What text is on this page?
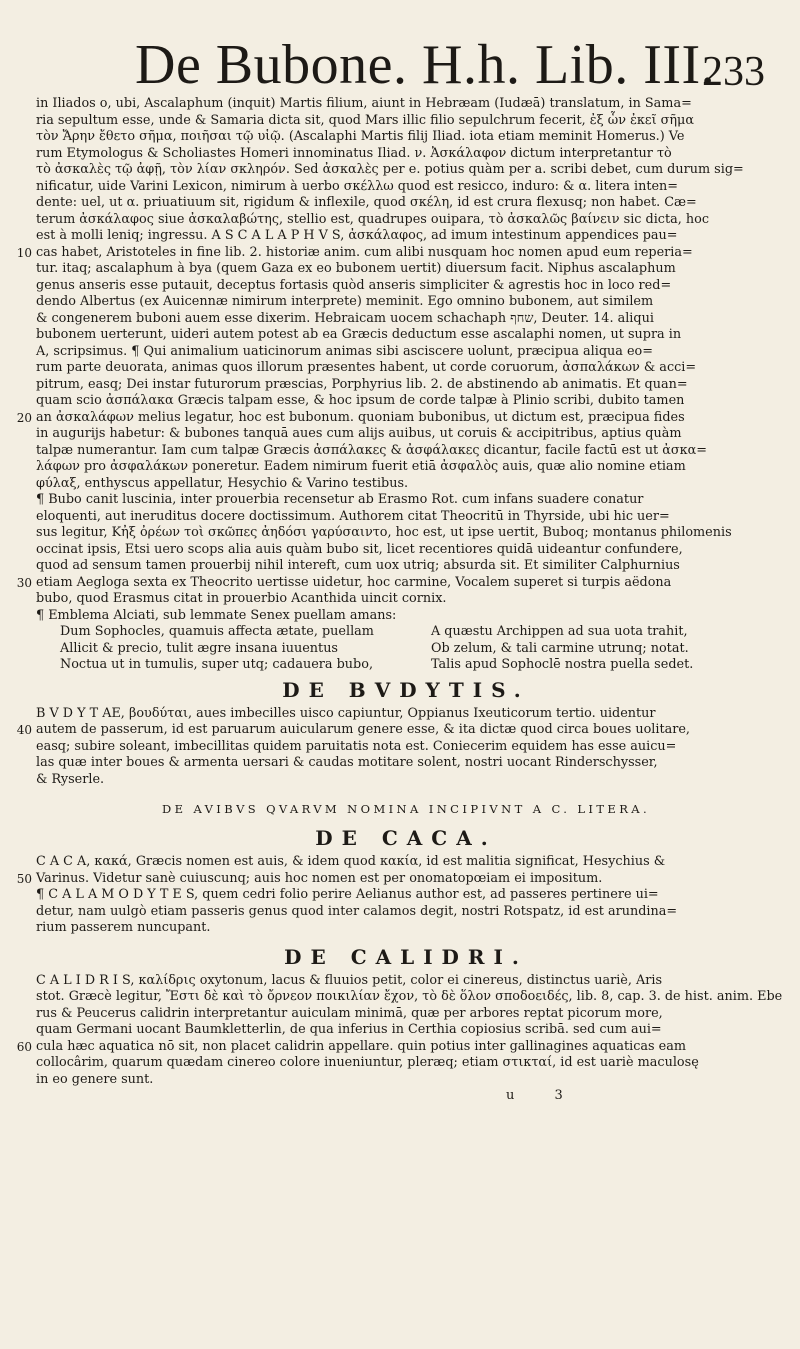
De Bubone. H.h. Lib. III.
233
in Iliados o, ubi, Ascalaphum (inquit) Martis filium, aiunt in Hebræam (Iudæā) translatum, in Sama=
ria sepultum esse, unde & Samaria dicta sit, quod Mars illic filio sepulchrum fecerit, ἐξ ὧν ἐκεῖ σῆμα
τὸν Ἄρην ἔθετο σῆμα, ποιῆσαι τῷ υἱῷ. (Ascalaphi Martis filij Iliad. iota etiam meminit Homerus.) Ve
rum Etymologus & Scholiastes Homeri innominatus Iliad. ν. Ἀσκάλαφον dictum interpretantur τὸ
τὸ ἀσκαλὲς τῷ ἀφῇ, τὸν λίαν σκληρόν. Sed ἀσκαλὲς per e. potius quàm per a. scribi debet, cum durum sig=
nificatur, uide Varini Lexicon, nimirum à uerbo σκέλλω quod est resicco, induro: & α. litera inten=
dente: uel, ut α. priuatiuum sit, rigidum & inflexile, quod σκέλη, id est crura flexusq; non habet. Cæ=
terum ἀσκάλαφος siue ἀσκαλαβώτης, stellio est, quadrupes ouipara, τὸ ἀσκαλῶς βαίνειν sic dicta, hoc
est à molli leniq; ingressu. A S C A L A P H V S, ἀσκάλαφος, ad imum intestinum appendices pau=
10 cas habet, Aristoteles in fine lib. 2. historiæ anim. cum alibi nusquam hoc nomen apud eum reperia=
tur. itaq; ascalaphum à bya (quem Gaza ex eo bubonem uertit) diuersum facit. Niphus ascalaphum
genus anseris esse putauit, deceptus fortasis quòd anseris simpliciter & agrestis hoc in loco red=
dendo Albertus (ex Auicennæ nimirum interprete) meminit. Ego omnino bubonem, aut similem
& congenerem buboni auem esse dixerim. Hebraicam uocem schachaph שחף, Deuter. 14. aliqui
bubonem uerterunt, uideri autem potest ab ea Græcis deductum esse ascalaphi nomen, ut supra in
A, scripsimus. ¶ Qui animalium uaticinorum animas sibi asciscere uolunt, præcipua aliqua eo=
rum parte deuorata, animas quos illorum præsentes habent, ut corde coruorum, ἀσπαλάκων & acci=
pitrum, easq; Dei instar futurorum præscias, Porphyrius lib. 2. de abstinendo ab animatis. Et quan=
quam scio ἀσπάλακα Græcis talpam esse, & hoc ipsum de corde talpæ à Plinio scribi, dubito tamen
20 an ἀσκαλάφων melius legatur, hoc est bubonum. quoniam bubonibus, ut dictum est, præcipua fides
in augurijs habetur: & bubones tanquā aues cum alijs auibus, ut coruis & accipitribus, aptius quàm
talpæ numerantur. Iam cum talpæ Græcis ἀσπάλακες & ἀσφάλακες dicantur, facile factū est ut ἀσκα=
λάφων pro ἀσφαλάκων poneretur. Eadem nimirum fuerit etiā ἀσφαλὸς auis, quæ alio nomine etiam
φύλαξ, enthyscus appellatur, Hesychio & Varino testibus.
¶ Bubo canit luscinia, inter prouerbia recensetur ab Erasmo Rot. cum infans suadere conatur
eloquenti, aut ineruditus docere doctissimum. Authorem citat Theocritū in Thyrside, ubi hic uer=
sus legitur, Κἠξ ὀρέων τοὶ σκῶπες ἀηδόσι γαρύσαιντο, hoc est, ut ipse uertit, Buboq; montanus philomenis
occinat ipsis, Etsi uero scops alia auis quàm bubo sit, licet recentiores quidā uideantur confundere,
quod ad sensum tamen prouerbij nihil intereft, cum uox utriq; absurda sit. Et similiter Calphurnius
30 etiam Aegloga sexta ex Theocrito uertisse uidetur, hoc carmine, Vocalem superet si turpis aëdona
bubo, quod Erasmus citat in prouerbio Acanthida uincit cornix.
¶ Emblema Alciati, sub lemmate Senex puellam amans:
Dum Sophocles, quamuis affecta ætate, puellam	A quæstu Archippen ad sua uota trahit,
Allicit & precio, tulit ægre insana iuuentus	Ob zelum, & tali carmine utrunq; notat.
Noctua ut in tumulis, super utq; cadauera bubo,	Talis apud Sophoclē nostra puella sedet.
DE BVDYTIS.
B V D Y T AE, βουδύται, aues imbecilles uisco capiuntur, Oppianus Ixeuticorum tertio. uidentur
40 autem de passerum, id est paruarum auicularum genere esse, & ita dictæ quod circa boues uolitare,
easq; subire soleant, imbecillitas quidem paruitatis nota est. Coniecerim equidem has esse auicu=
las quæ inter boues & armenta uersari & caudas motitare solent, nostri uocant Rinderschysser,
& Ryserle.
DE AVIBVS QVARVM NOMINA INCIPIVNT A C. LITERA.
DE CACA.
C A C A, κακά, Græcis nomen est auis, & idem quod κακία, id est malitia significat, Hesychius &
50 Varinus. Videtur sanè cuiuscunq; auis hoc nomen est per onomatopœiam ei impositum.
¶ C A L A M O D Y T E S, quem cedri folio perire Aelianus author est, ad passeres pertinere ui=
detur, nam uulgò etiam passeris genus quod inter calamos degit, nostri Rotspatz, id est arundina=
rium passerem nuncupant.
DE CALIDRI.
C A L I D R I S, καλίδρις oxytonum, lacus & fluuios petit, color ei cinereus, distinctus uariè, Aris
stot. Græcè legitur, Ἔστι δὲ καὶ τὸ ὄρνεον ποικιλίαν ἔχον, τὸ δὲ ὅλον σποδοειδές, lib. 8, cap. 3. de hist. anim. Ebe
rus & Peucerus calidrin interpretantur auiculam minimā, quæ per arbores reptat picorum more,
quam Germani uocant Baumkletterlin, de qua inferius in Certhia copiosius scribā. sed cum aui=
60 cula hæc aquatica nō sit, non placet calidrin appellare. quin potius inter gallinagines aquaticas eam
collocârim, quarum quædam cinereo colore inueniuntur, pleræq; etiam στικταί, id est uariè maculosę
in eo genere sunt.
u 3
